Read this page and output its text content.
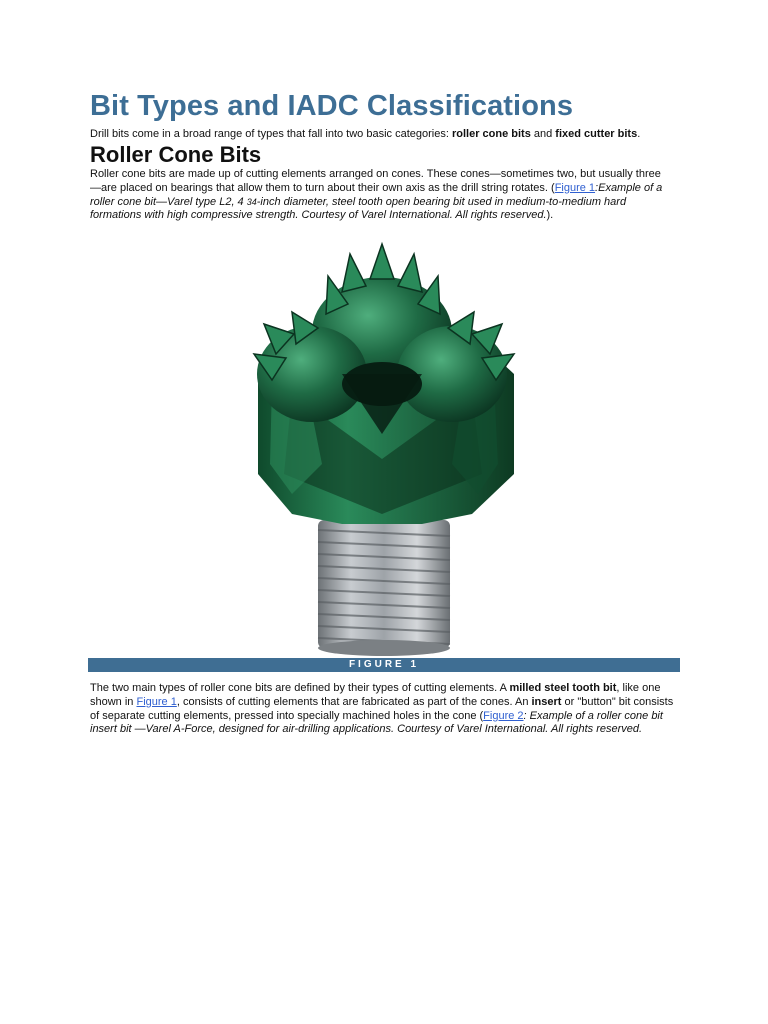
Bit Types and IADC Classifications

Drill bits come in a broad range of types that fall into two basic categories: roller cone bits and fixed cutter bits.

Roller Cone Bits

Roller cone bits are made up of cutting elements arranged on cones. These cones—sometimes two, but usually three—are placed on bearings that allow them to turn about their own axis as the drill string rotates. (Figure 1:Example of a roller cone bit—Varel type L2, 4 34-inch diameter, steel tooth open bearing bit used in medium-to-medium hard formations with high compressive strength. Courtesy of Varel International. All rights reserved.).

FIGURE 1

The two main types of roller cone bits are defined by their types of cutting elements. A milled steel tooth bit, like one shown in Figure 1, consists of cutting elements that are fabricated as part of the cones. An insert or "button" bit consists of separate cutting elements, pressed into specially machined holes in the cone (Figure 2: Example of a roller cone bit insert bit —Varel A-Force, designed for air-drilling applications. Courtesy of Varel International. All rights reserved.
